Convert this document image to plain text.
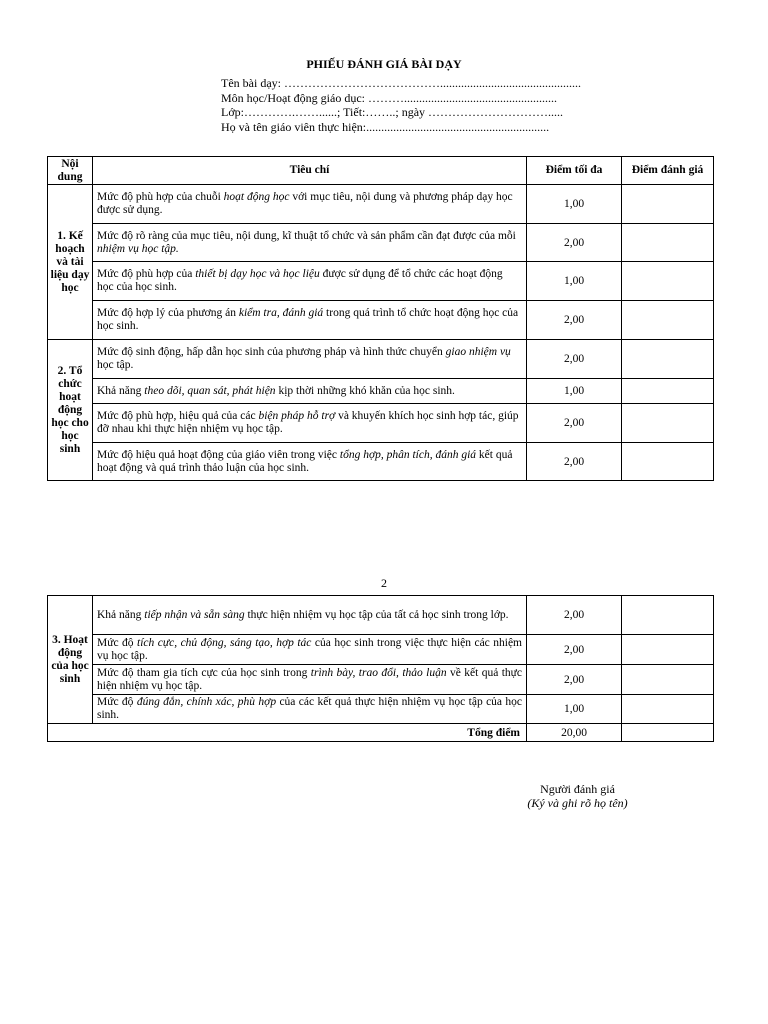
PHIẾU ĐÁNH GIÁ BÀI DẠY
Tên bài dạy: …………………………………...............................................
Môn học/Hoạt động giáo dục: ………...................................................
Lớp:………….……......; Tiết:……..; ngày ………………………….....
Họ và tên giáo viên thực hiện:.............................................................
Nội dung	Tiêu chí	Điểm tối đa	Điểm đánh giá
1. Kế hoạch và tài liệu dạy học	Mức độ phù hợp của chuỗi hoạt động học với mục tiêu, nội dung và phương pháp dạy học được sử dụng.	1,00	
	Mức độ rõ ràng của mục tiêu, nội dung, kĩ thuật tổ chức và sản phẩm cần đạt được của mỗi nhiệm vụ học tập.	2,00	
	Mức độ phù hợp của thiết bị dạy học và học liệu được sử dụng để tổ chức các hoạt động học của học sinh.	1,00	
	Mức độ hợp lý của phương án kiểm tra, đánh giá trong quá trình tổ chức hoạt động học của học sinh.	2,00	
2. Tổ chức hoạt động học cho học sinh	Mức độ sinh động, hấp dẫn học sinh của phương pháp và hình thức chuyển giao nhiệm vụ học tập.	2,00	
	Khả năng theo dõi, quan sát, phát hiện kịp thời những khó khăn của học sinh.	1,00	
	Mức độ phù hợp, hiệu quả của các biện pháp hỗ trợ và khuyến khích học sinh hợp tác, giúp đỡ nhau khi thực hiện nhiệm vụ học tập.	2,00	
	Mức độ hiệu quả hoạt động của giáo viên trong việc tổng hợp, phân tích, đánh giá kết quả hoạt động và quá trình thảo luận của học sinh.	2,00	
2
3. Hoạt động của học sinh	Khả năng tiếp nhận và sẵn sàng thực hiện nhiệm vụ học tập của tất cả học sinh trong lớp.	2,00	
	Mức độ tích cực, chủ động, sáng tạo, hợp tác của học sinh trong việc thực hiện các nhiệm vụ học tập.	2,00	
	Mức độ tham gia tích cực của học sinh trong trình bày, trao đổi, thảo luận về kết quả thực hiện nhiệm vụ học tập.	2,00	
	Mức độ đúng đắn, chính xác, phù hợp của các kết quả thực hiện nhiệm vụ học tập của học sinh.	1,00	
Tổng điểm		20,00	
Người đánh giá
(Ký và ghi rõ họ tên)
